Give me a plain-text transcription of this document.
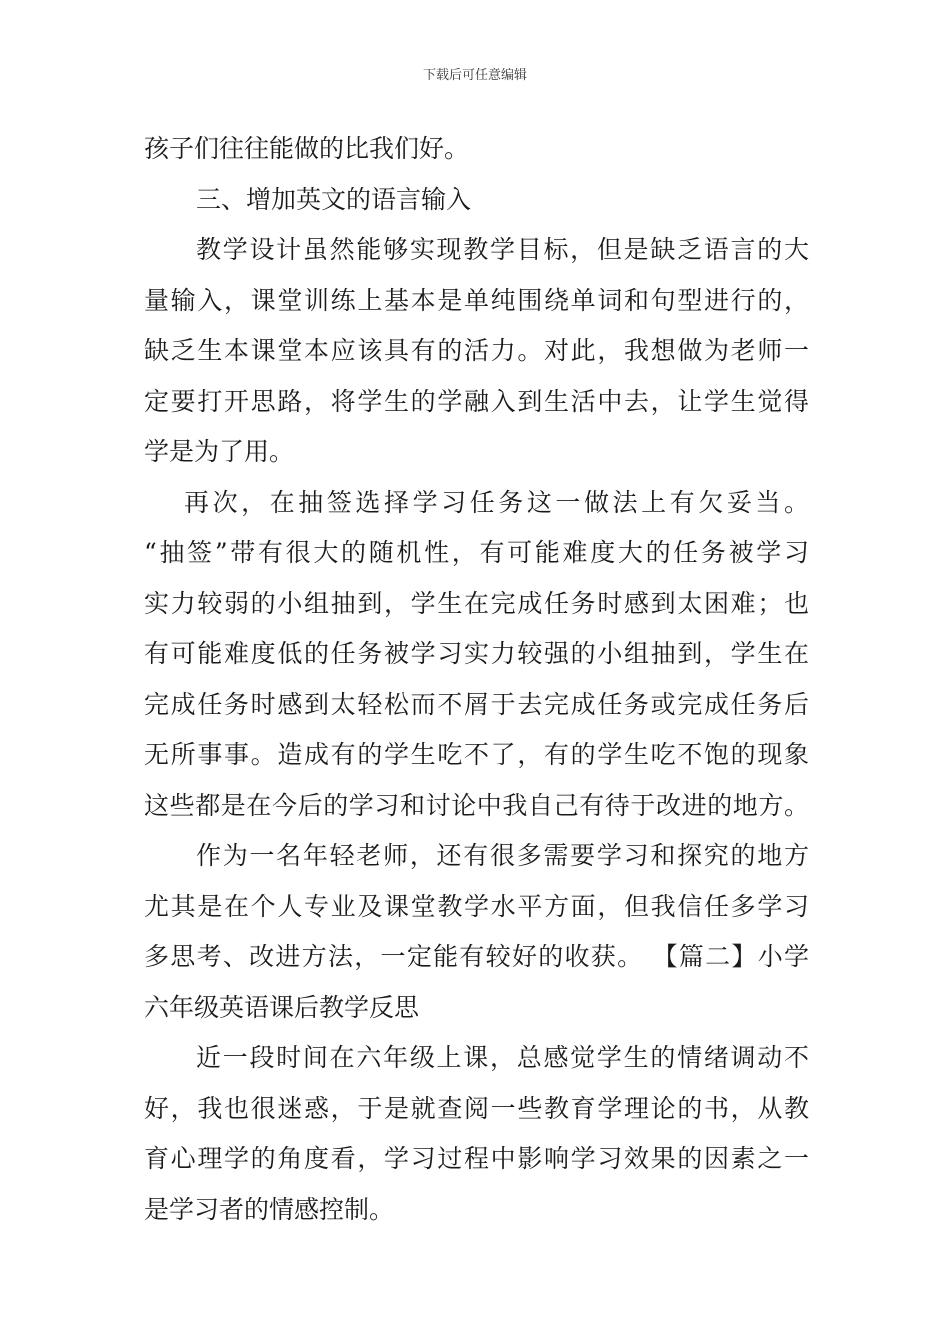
下载后可任意编辑
孩子们往往能做的比我们好。
三、增加英文的语言输入
教学设计虽然能够实现教学目标，但是缺乏语言的大
量输入，课堂训练上基本是单纯围绕单词和句型进行的，
缺乏生本课堂本应该具有的活力。对此，我想做为老师一
定要打开思路，将学生的学融入到生活中去，让学生觉得
学是为了用。
再次，在抽签选择学习任务这一做法上有欠妥当。
“抽签”带有很大的随机性，有可能难度大的任务被学习
实力较弱的小组抽到，学生在完成任务时感到太困难；也
有可能难度低的任务被学习实力较强的小组抽到，学生在
完成任务时感到太轻松而不屑于去完成任务或完成任务后
无所事事。造成有的学生吃不了，有的学生吃不饱的现象
这些都是在今后的学习和讨论中我自己有待于改进的地方。
作为一名年轻老师，还有很多需要学习和探究的地方
尤其是在个人专业及课堂教学水平方面，但我信任多学习
多思考、改进方法，一定能有较好的收获。 【篇二】小学
六年级英语课后教学反思
近一段时间在六年级上课，总感觉学生的情绪调动不
好，我也很迷惑，于是就查阅一些教育学理论的书，从教
育心理学的角度看，学习过程中影响学习效果的因素之一
是学习者的情感控制。
